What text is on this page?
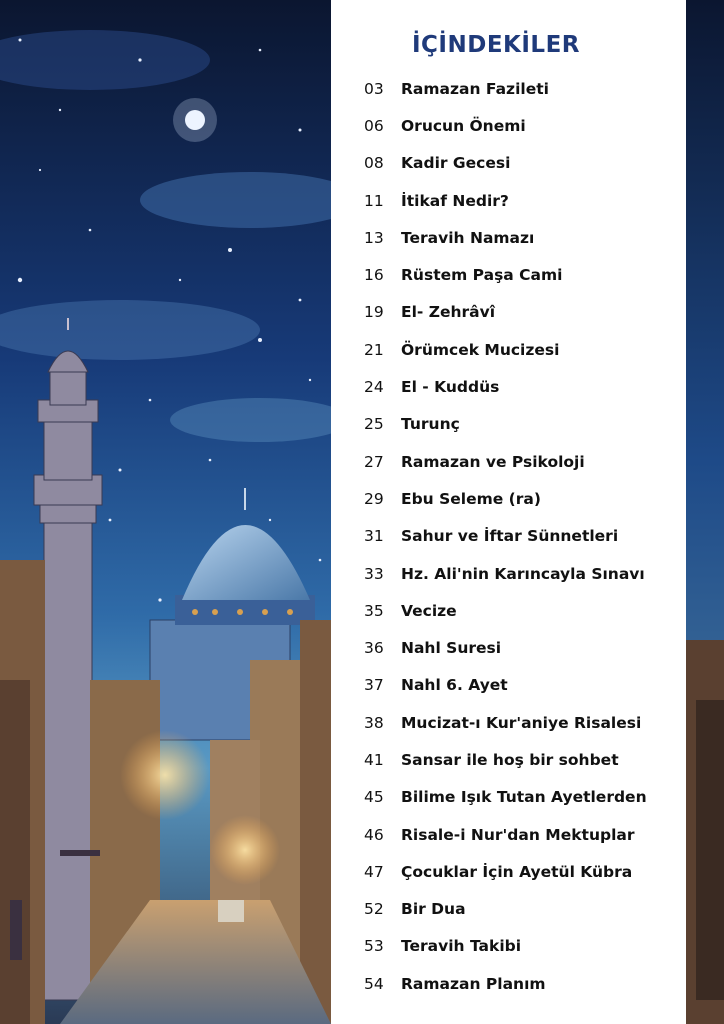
İÇİNDEKİLER
03	Ramazan Fazileti
06	Orucun Önemi
08	Kadir Gecesi
11	İtikaf Nedir?
13	Teravih Namazı
16	Rüstem Paşa Cami
19	El- Zehrâvî
21	Örümcek Mucizesi
24	El - Kuddüs
25	Turunç
27	Ramazan ve Psikoloji
29	Ebu Seleme (ra)
31	Sahur ve İftar Sünnetleri
33	Hz. Ali'nin Karıncayla Sınavı
35	Vecize
36	Nahl Suresi
37	Nahl 6. Ayet
38	Mucizat-ı Kur'aniye Risalesi
41	Sansar ile hoş bir sohbet
45	Bilime Işık Tutan Ayetlerden
46	Risale-i Nur'dan Mektuplar
47	Çocuklar İçin Ayetül Kübra
52	Bir Dua
53	Teravih Takibi
54	Ramazan Planım
